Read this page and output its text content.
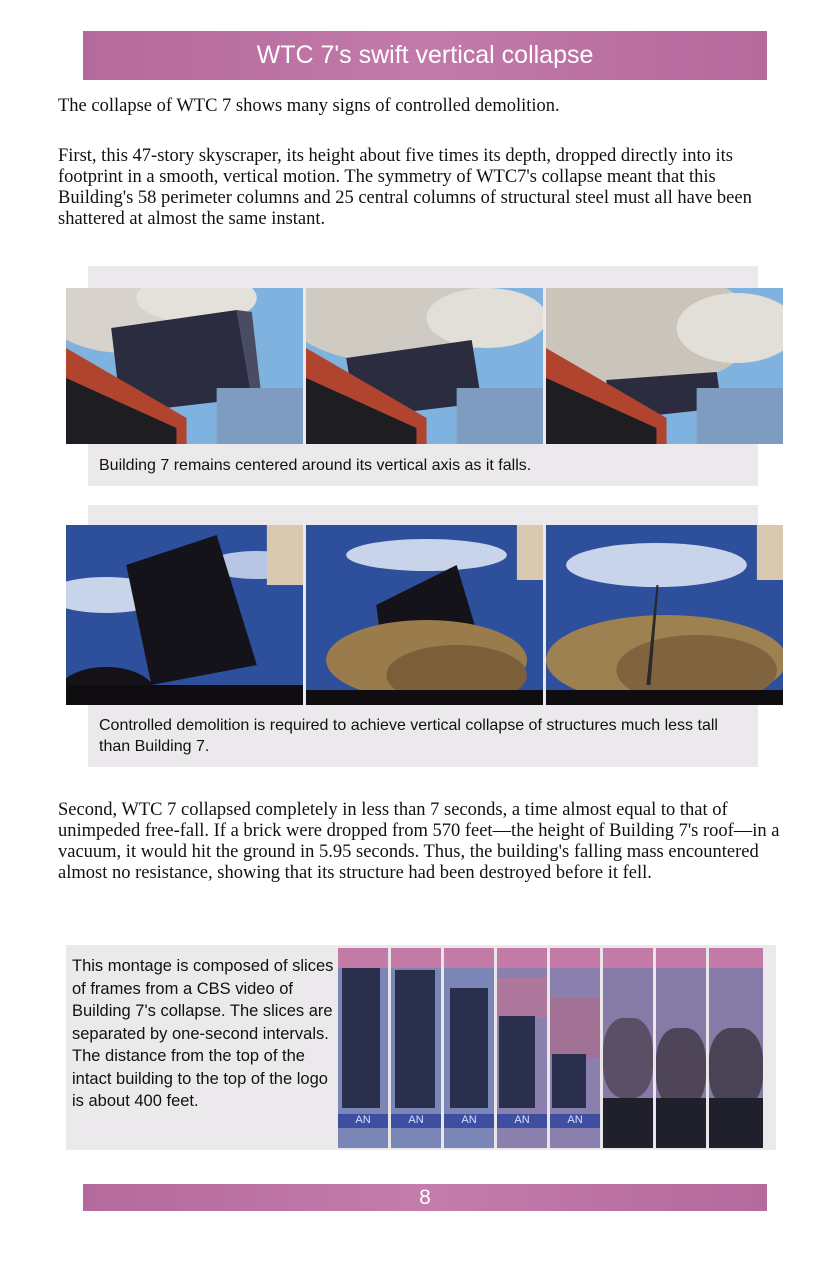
WTC 7's swift vertical collapse

The collapse of WTC 7 shows many signs of controlled demolition.

First, this 47-story skyscraper, its height about five times its depth, dropped directly into its footprint in a smooth, vertical motion. The symmetry of WTC7's collapse meant that this Building's 58 perimeter columns and 25 central columns of structural steel must all have been shattered at almost the same instant.

Building 7 remains centered around its vertical axis as it falls.

Controlled demolition is required to achieve vertical collapse of structures much less tall than Building 7.

Second, WTC 7 collapsed completely in less than 7 seconds, a time almost equal to that of unimpeded free-fall. If a brick were dropped from 570 feet—the height of Building 7's roof—in a vacuum, it would hit the ground in 5.95 seconds. Thus, the building's falling mass encountered almost no resistance, showing that its structure had been destroyed before it fell.

This montage is composed of slices of frames from a CBS video of Building 7's collapse. The slices are separated by one-second intervals. The distance from the top of the intact building to the top of the logo is about 400 feet.

AN	AN	AN	AN	AN
8
